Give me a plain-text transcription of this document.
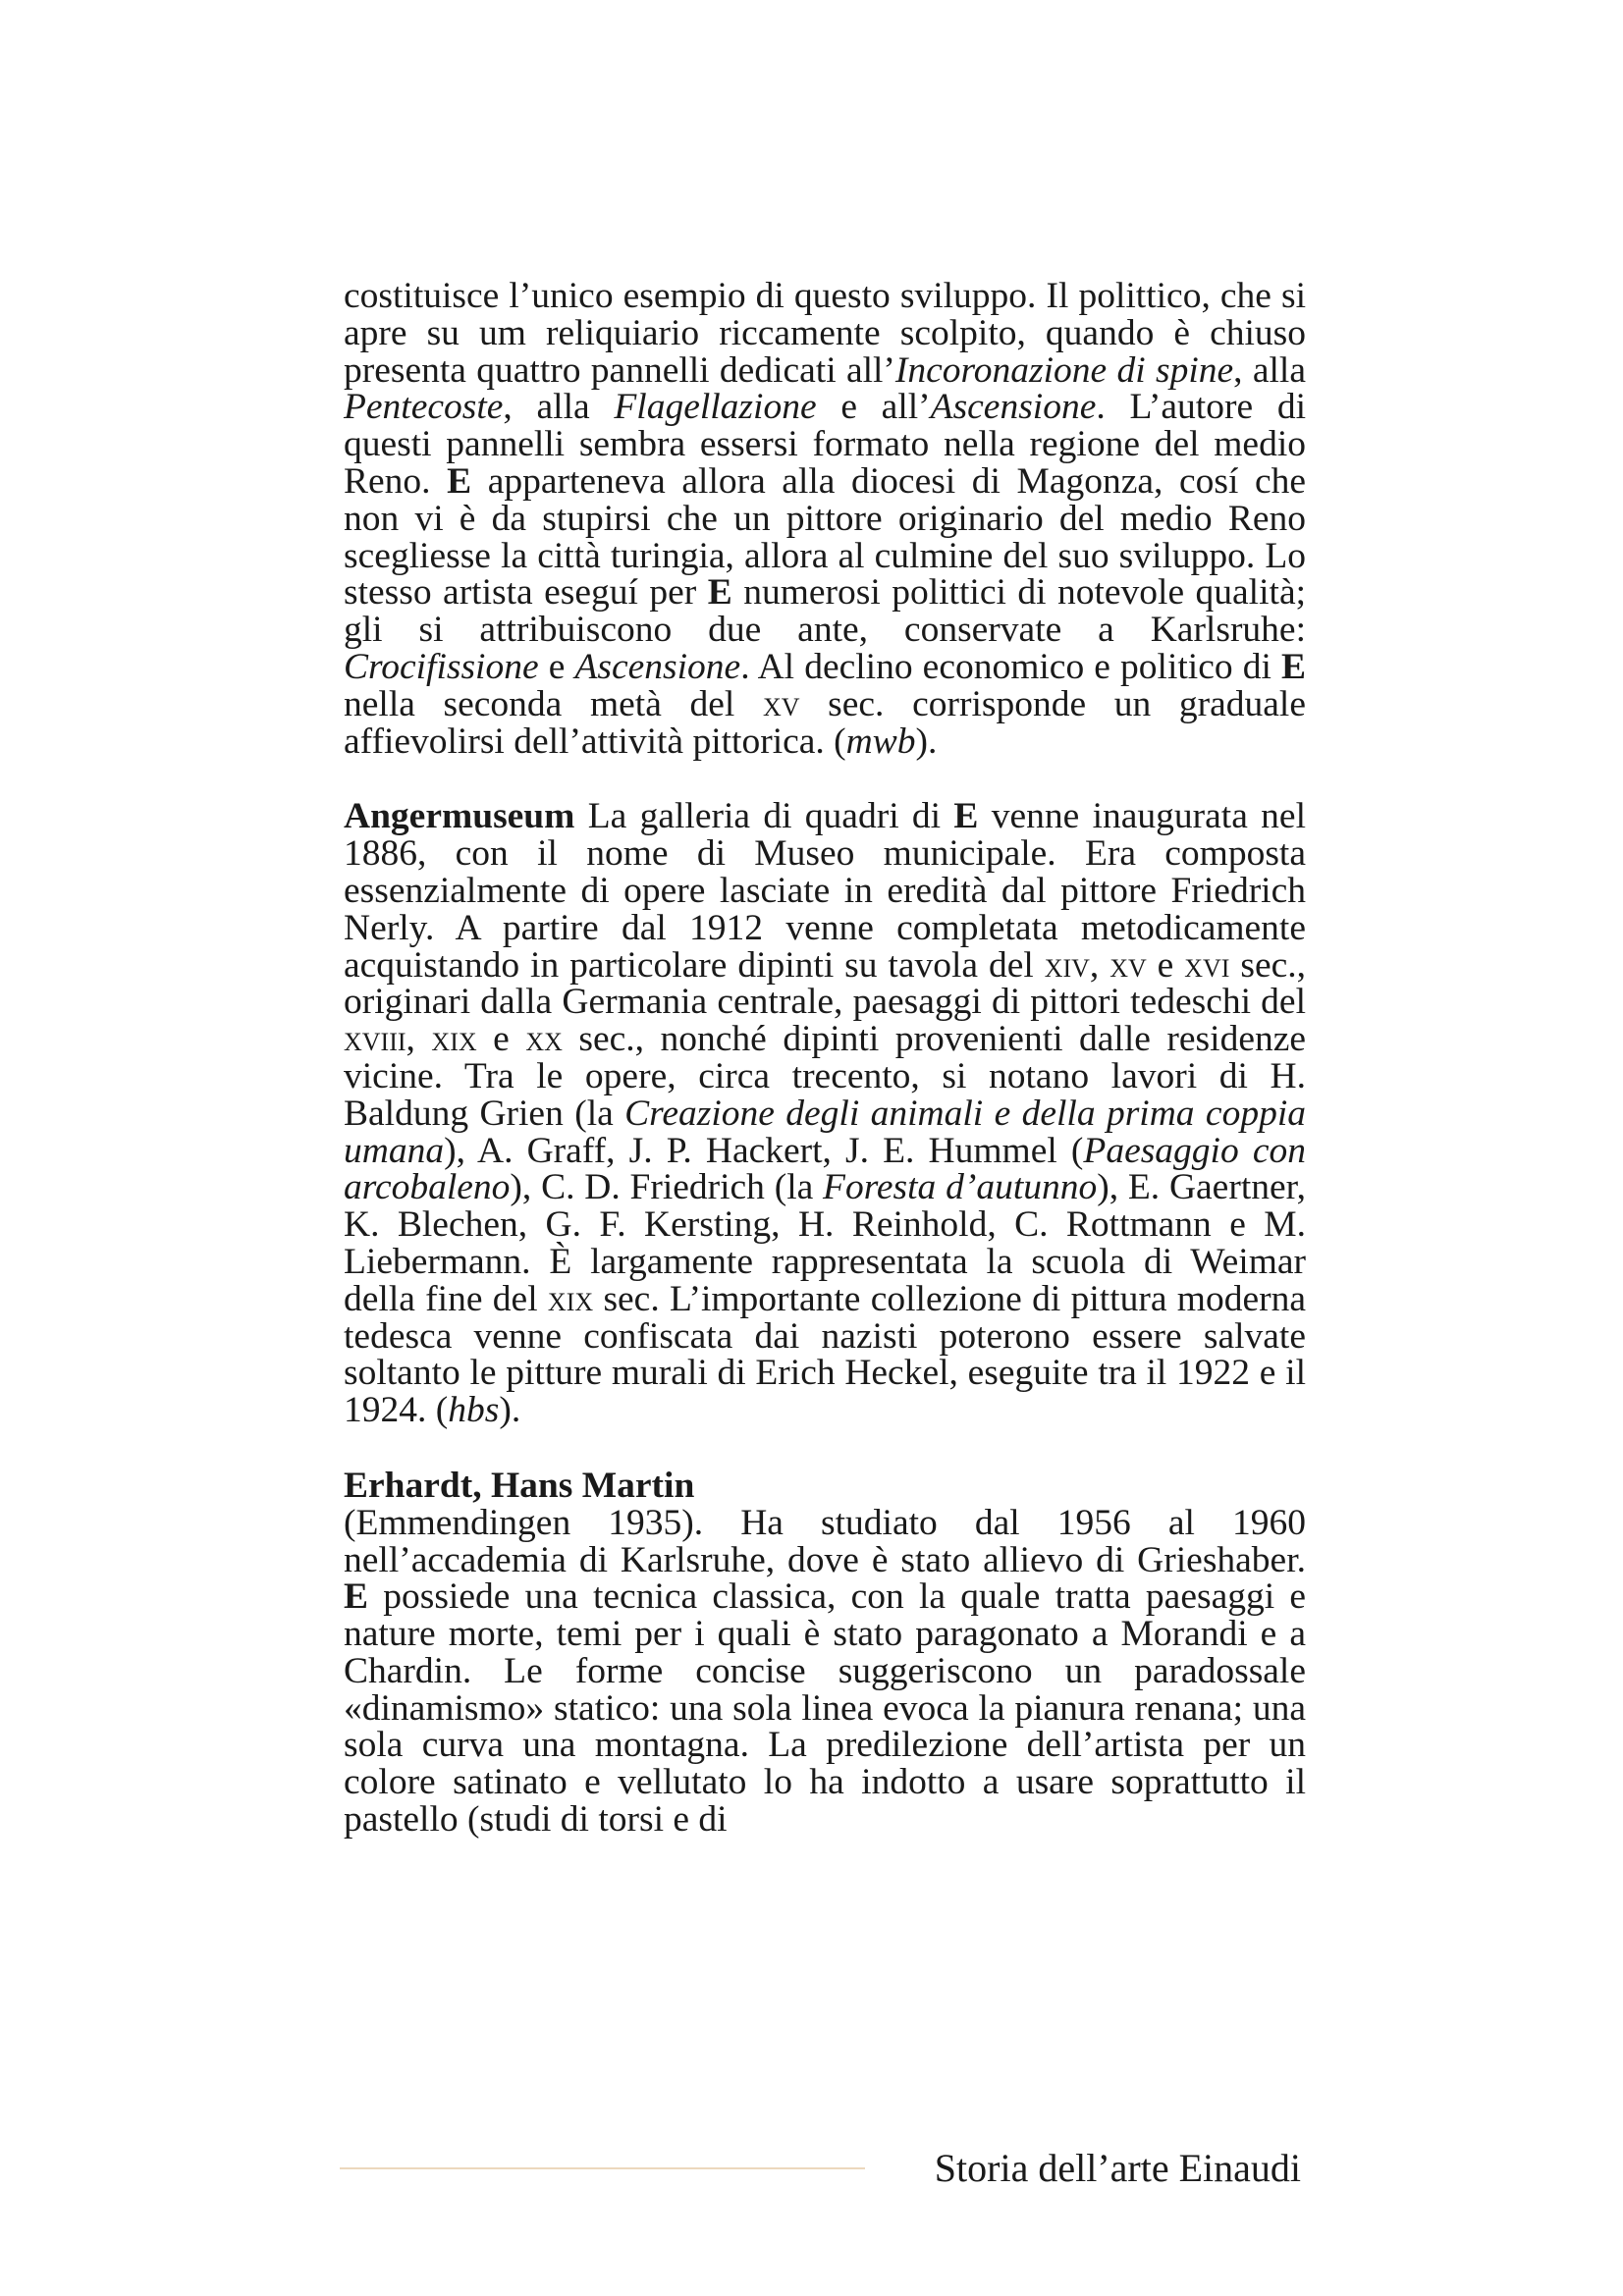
costituisce l’unico esempio di questo sviluppo. Il polittico, che si apre su um reliquiario riccamente scolpito, quando è chiuso presenta quattro pannelli dedicati all’Incoronazione di spine, alla Pentecoste, alla Flagellazione e all’Ascensione. L’autore di questi pannelli sembra essersi formato nella regione del medio Reno. E apparteneva allora alla diocesi di Magonza, cosí che non vi è da stupirsi che un pittore originario del medio Reno scegliesse la città turingia, allora al culmine del suo sviluppo. Lo stesso artista eseguí per E numerosi polittici di notevole qualità; gli si attribuiscono due ante, conservate a Karlsruhe: Crocifissione e Ascensione. Al declino economico e politico di E nella seconda metà del xv sec. corrisponde un graduale affievolirsi dell’attività pittorica. (mwb).

Angermuseum La galleria di quadri di E venne inaugurata nel 1886, con il nome di Museo municipale. Era composta essenzialmente di opere lasciate in eredità dal pittore Friedrich Nerly. A partire dal 1912 venne completata metodicamente acquistando in particolare dipinti su tavola del xiv, xv e xvi sec., originari dalla Germania centrale, paesaggi di pittori tedeschi del xviii, xix e xx sec., nonché dipinti provenienti dalle residenze vicine. Tra le opere, circa trecento, si notano lavori di H. Baldung Grien (la Creazione degli animali e della prima coppia umana), A. Graff, J. P. Hackert, J. E. Hummel (Paesaggio con arcobaleno), C. D. Friedrich (la Foresta d’autunno), E. Gaertner, K. Blechen, G. F. Kersting, H. Reinhold, C. Rottmann e M. Liebermann. È largamente rappresentata la scuola di Weimar della fine del xix sec. L’importante collezione di pittura moderna tedesca venne confiscata dai nazisti poterono essere salvate soltanto le pitture murali di Erich Heckel, eseguite tra il 1922 e il 1924. (hbs).

Erhardt, Hans Martin

(Emmendingen 1935). Ha studiato dal 1956 al 1960 nell’accademia di Karlsruhe, dove è stato allievo di Grieshaber. E possiede una tecnica classica, con la quale tratta paesaggi e nature morte, temi per i quali è stato paragonato a Morandi e a Chardin. Le forme concise suggeriscono un paradossale «dinamismo» statico: una sola linea evoca la pianura renana; una sola curva una montagna. La predilezione dell’artista per un colore satinato e vellutato lo ha indotto a usare soprattutto il pastello (studi di torsi e di

Storia dell’arte Einaudi
